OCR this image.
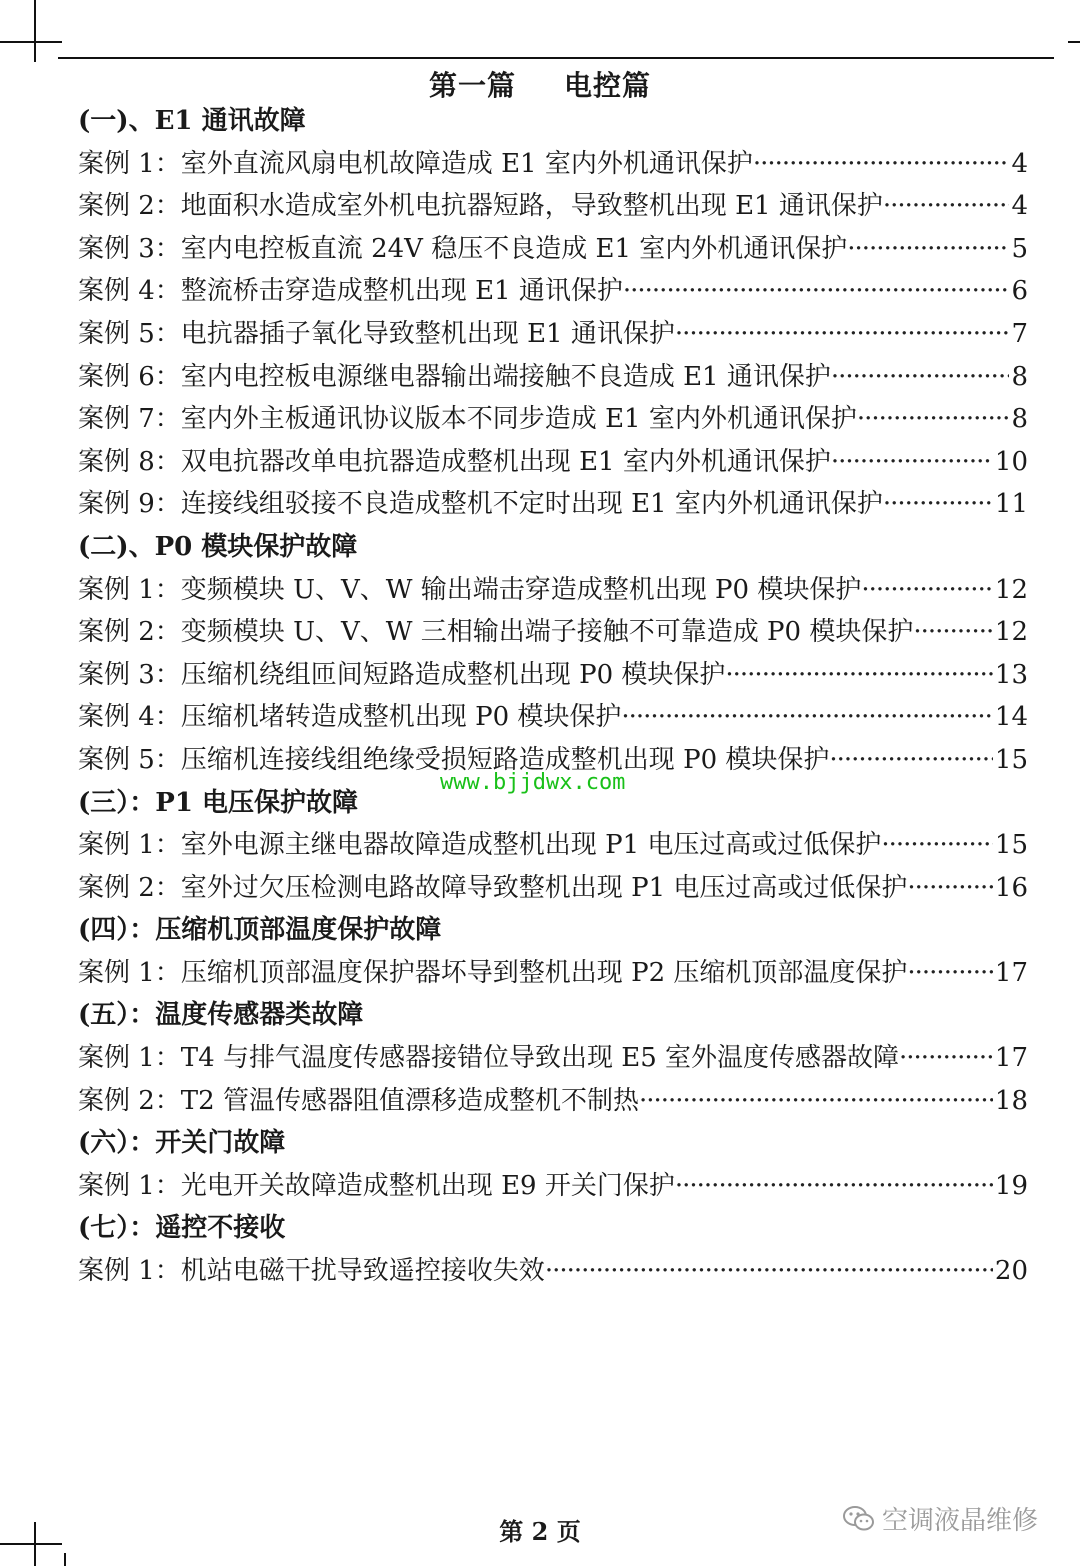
第一篇 电控篇
(一)、E1 通讯故障
案例 1：室外直流风扇电机故障造成 E1 室内外机通讯保护 ·····	4
案例 2：地面积水造成室外机电抗器短路，导致整机出现 E1 通讯保护 ·····	4
案例 3：室内电控板直流 24V 稳压不良造成 E1 室内外机通讯保护 ·····	5
案例 4：整流桥击穿造成整机出现 E1 通讯保护 ·····	6
案例 5：电抗器插子氧化导致整机出现 E1 通讯保护 ·····	7
案例 6：室内电控板电源继电器输出端接触不良造成 E1 通讯保护 ·····	8
案例 7：室内外主板通讯协议版本不同步造成 E1 室内外机通讯保护 ·····	8
案例 8：双电抗器改单电抗器造成整机出现 E1 室内外机通讯保护 ·····	10
案例 9：连接线组驳接不良造成整机不定时出现 E1 室内外机通讯保护 ·····	11
(二)、P0 模块保护故障
案例 1：变频模块 U、V、W 输出端击穿造成整机出现 P0 模块保护 ·····	12
案例 2：变频模块 U、V、W 三相输出端子接触不可靠造成 P0 模块保护 ·····	12
案例 3：压缩机绕组匝间短路造成整机出现 P0 模块保护 ·····	13
案例 4：压缩机堵转造成整机出现 P0 模块保护 ·····	14
案例 5：压缩机连接线组绝缘受损短路造成整机出现 P0 模块保护 ·····	15
(三）：P1 电压保护故障
案例 1：室外电源主继电器故障造成整机出现 P1 电压过高或过低保护 ·····	15
案例 2：室外过欠压检测电路故障导致整机出现 P1 电压过高或过低保护 ·····	16
(四）：压缩机顶部温度保护故障
案例 1：压缩机顶部温度保护器坏导到整机出现 P2 压缩机顶部温度保护 ·····	17
(五）：温度传感器类故障
案例 1：T4 与排气温度传感器接错位导致出现 E5 室外温度传感器故障 ·····	17
案例 2：T2 管温传感器阻值漂移造成整机不制热 ·····	18
(六）：开关门故障
案例 1：光电开关故障造成整机出现 E9 开关门保护 ·····	19
(七）：遥控不接收
案例 1：机站电磁干扰导致遥控接收失效 ·····	20
www.bjjdwx.com
第 2 页	空调液晶维修
